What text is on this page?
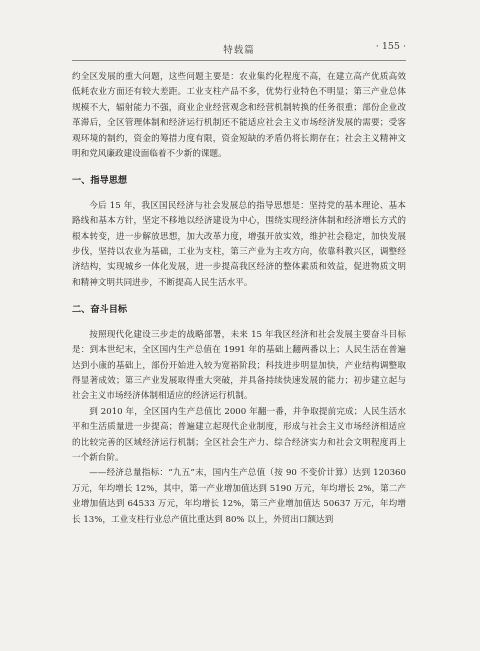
特载篇	· 155 ·

约全区发展的重大问题，这些问题主要是：农业集约化程度不高，在建立高产优质高效低耗农业方面还有较大差距。工业支柱产品不多，优势行业特色不明显；第三产业总体规模不大，辐射能力不强，商业企业经营观念和经营机制转换的任务很重；部份企业改革滞后，全区管理体制和经济运行机制还不能适应社会主义市场经济发展的需要；受客观环境的制约，资金的筹措力度有限，资金短缺的矛盾仍将长期存在；社会主义精神文明和党风廉政建设面临着不少新的课题。

一、指导思想

今后 15 年，我区国民经济与社会发展总的指导思想是：坚持党的基本理论、基本路线和基本方针，坚定不移地以经济建设为中心，围绕实现经济体制和经济增长方式的根本转变，进一步解放思想，加大改革力度，增强开放实效，维护社会稳定，加快发展步伐，坚持以农业为基础，工业为支柱，第三产业为主攻方向，依靠科教兴区，调整经济结构，实现城乡一体化发展，进一步提高我区经济的整体素质和效益，促进物质文明和精神文明共同进步，不断提高人民生活水平。

二、奋斗目标

按照现代化建设三步走的战略部署，未来 15 年我区经济和社会发展主要奋斗目标是：到本世纪末，全区国内生产总值在 1991 年的基础上翻两番以上；人民生活在普遍达到小康的基础上，部份开始进入较为宽裕阶段；科技进步明显加快，产业结构调整取得显著成效；第三产业发展取得重大突破，并具备持续快速发展的能力；初步建立起与社会主义市场经济体制相适应的经济运行机制。

到 2010 年，全区国内生产总值比 2000 年翻一番，并争取提前完成；人民生活水平和生活质量进一步提高；普遍建立起现代企业制度，形成与社会主义市场经济相适应的比较完善的区域经济运行机制；全区社会生产力、综合经济实力和社会文明程度再上一个新台阶。

——经济总量指标：“九五”末，国内生产总值（按 90 不变价计算）达到 120360 万元，年均增长 12%，其中，第一产业增加值达到 5190 万元，年均增长 2%，第二产业增加值达到 64533 万元，年均增长 12%，第三产业增加值达 50637 万元，年均增长 13%，工业支柱行业总产值比重达到 80% 以上，外贸出口额达到
